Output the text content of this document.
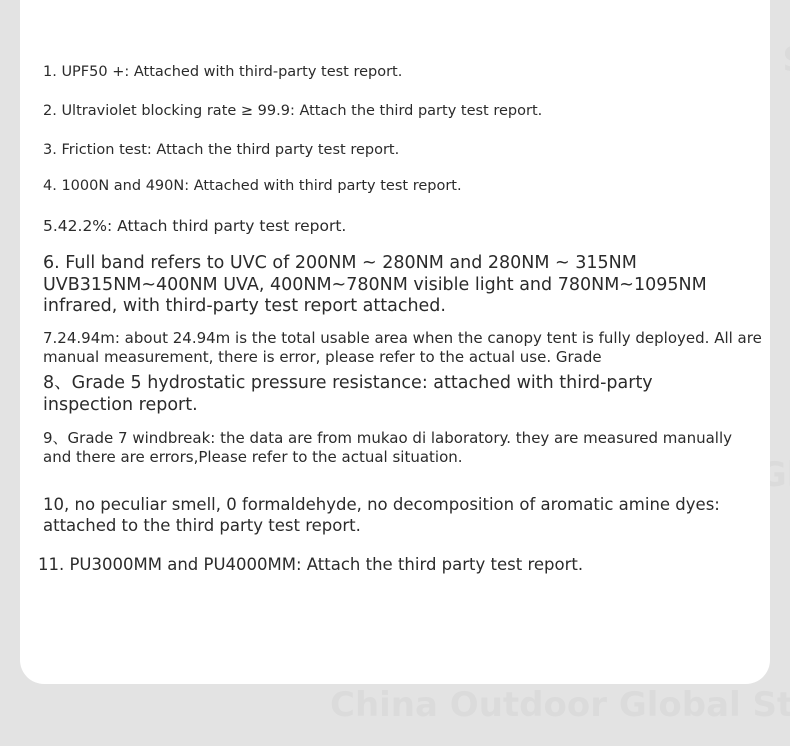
1. UPF50 +: Attached with third-party test report.
2. Ultraviolet blocking rate ≥ 99.9: Attach the third party test report.
3. Friction test: Attach the third party test report.
4. 1000N and 490N: Attached with third party test report.
5.42.2%: Attach third party test report.
6. Full band refers to UVC of 200NM ~ 280NM and 280NM ~ 315NM UVB315NM~400NM UVA, 400NM~780NM visible light and 780NM~1095NM infrared, with third-party test report attached.
7.24.94m: about 24.94m is the total usable area when the canopy tent is fully deployed. All are manual measurement, there is error, please refer to the actual use. Grade
8、Grade 5 hydrostatic pressure resistance: attached with third-party inspection report.
9、Grade 7 windbreak: the data are from mukao di laboratory. they are measured manually and there are errors,Please refer to the actual situation.
10, no peculiar smell, 0 formaldehyde, no decomposition of aromatic amine dyes: attached to the third party test report.
11. PU3000MM and PU4000MM: Attach the third party test report.
